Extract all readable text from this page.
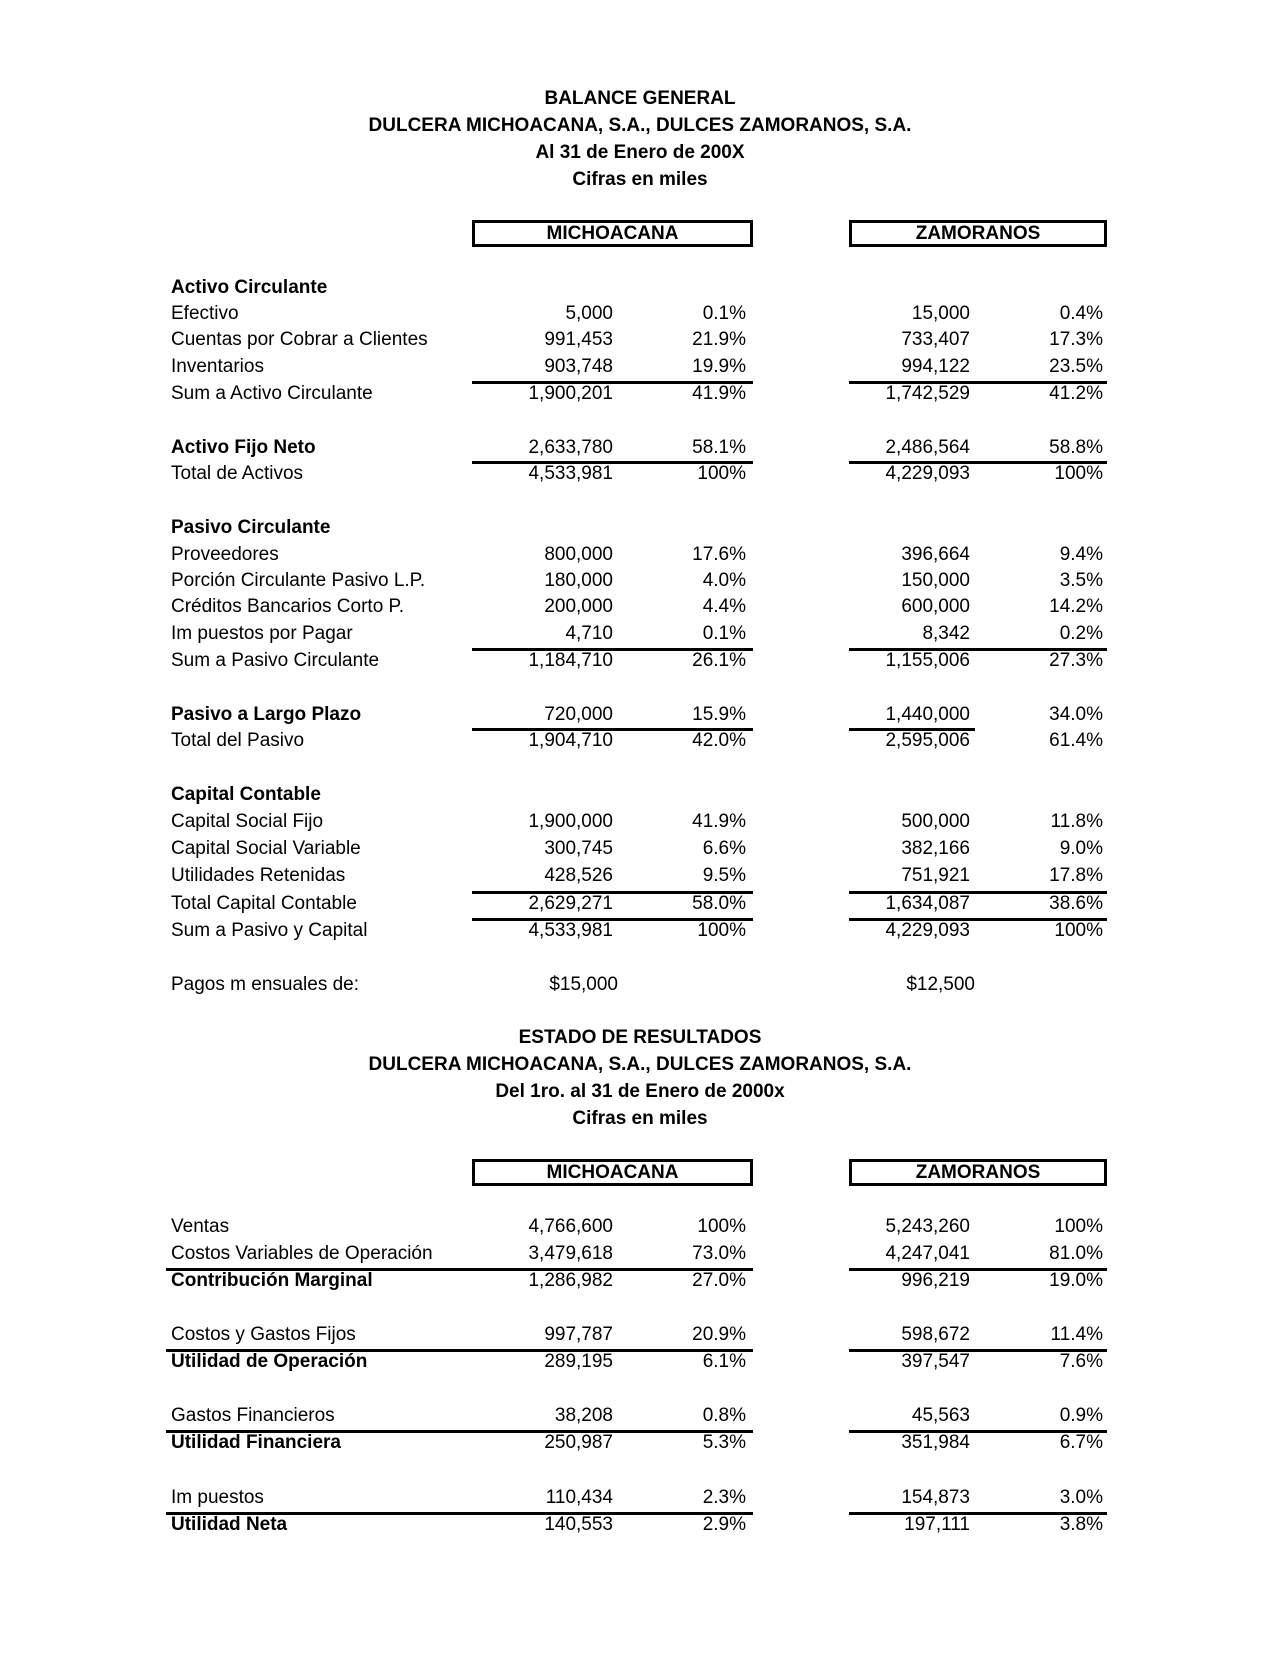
BALANCE GENERAL
DULCERA MICHOACANA, S.A., DULCES ZAMORANOS, S.A.
Al 31 de Enero de 200X
Cifras en miles
MICHOACANA	ZAMORANOS
Activo Circulante
Efectivo	5,000	0.1%	15,000	0.4%
Cuentas por Cobrar a Clientes	991,453	21.9%	733,407	17.3%
Inventarios	903,748	19.9%	994,122	23.5%
Sum a Activo Circulante	1,900,201	41.9%	1,742,529	41.2%
Activo Fijo Neto	2,633,780	58.1%	2,486,564	58.8%
Total de Activos	4,533,981	100%	4,229,093	100%
Pasivo Circulante
Proveedores	800,000	17.6%	396,664	9.4%
Porción Circulante Pasivo L.P.	180,000	4.0%	150,000	3.5%
Créditos Bancarios Corto P.	200,000	4.4%	600,000	14.2%
Im puestos por Pagar	4,710	0.1%	8,342	0.2%
Sum a Pasivo Circulante	1,184,710	26.1%	1,155,006	27.3%
Pasivo a Largo Plazo	720,000	15.9%	1,440,000	34.0%
Total del Pasivo	1,904,710	42.0%	2,595,006	61.4%
Capital Contable
Capital Social Fijo	1,900,000	41.9%	500,000	11.8%
Capital Social Variable	300,745	6.6%	382,166	9.0%
Utilidades Retenidas	428,526	9.5%	751,921	17.8%
Total Capital Contable	2,629,271	58.0%	1,634,087	38.6%
Sum a Pasivo y Capital	4,533,981	100%	4,229,093	100%
Pagos m ensuales de:	$15,000	$12,500
ESTADO DE RESULTADOS
DULCERA MICHOACANA, S.A., DULCES ZAMORANOS, S.A.
Del 1ro. al 31 de Enero de 2000x
Cifras en miles
MICHOACANA	ZAMORANOS
Ventas	4,766,600	100%	5,243,260	100%
Costos Variables de Operación	3,479,618	73.0%	4,247,041	81.0%
Contribución Marginal	1,286,982	27.0%	996,219	19.0%
Costos y Gastos Fijos	997,787	20.9%	598,672	11.4%
Utilidad de Operación	289,195	6.1%	397,547	7.6%
Gastos Financieros	38,208	0.8%	45,563	0.9%
Utilidad Financiera	250,987	5.3%	351,984	6.7%
Im puestos	110,434	2.3%	154,873	3.0%
Utilidad Neta	140,553	2.9%	197,111	3.8%
